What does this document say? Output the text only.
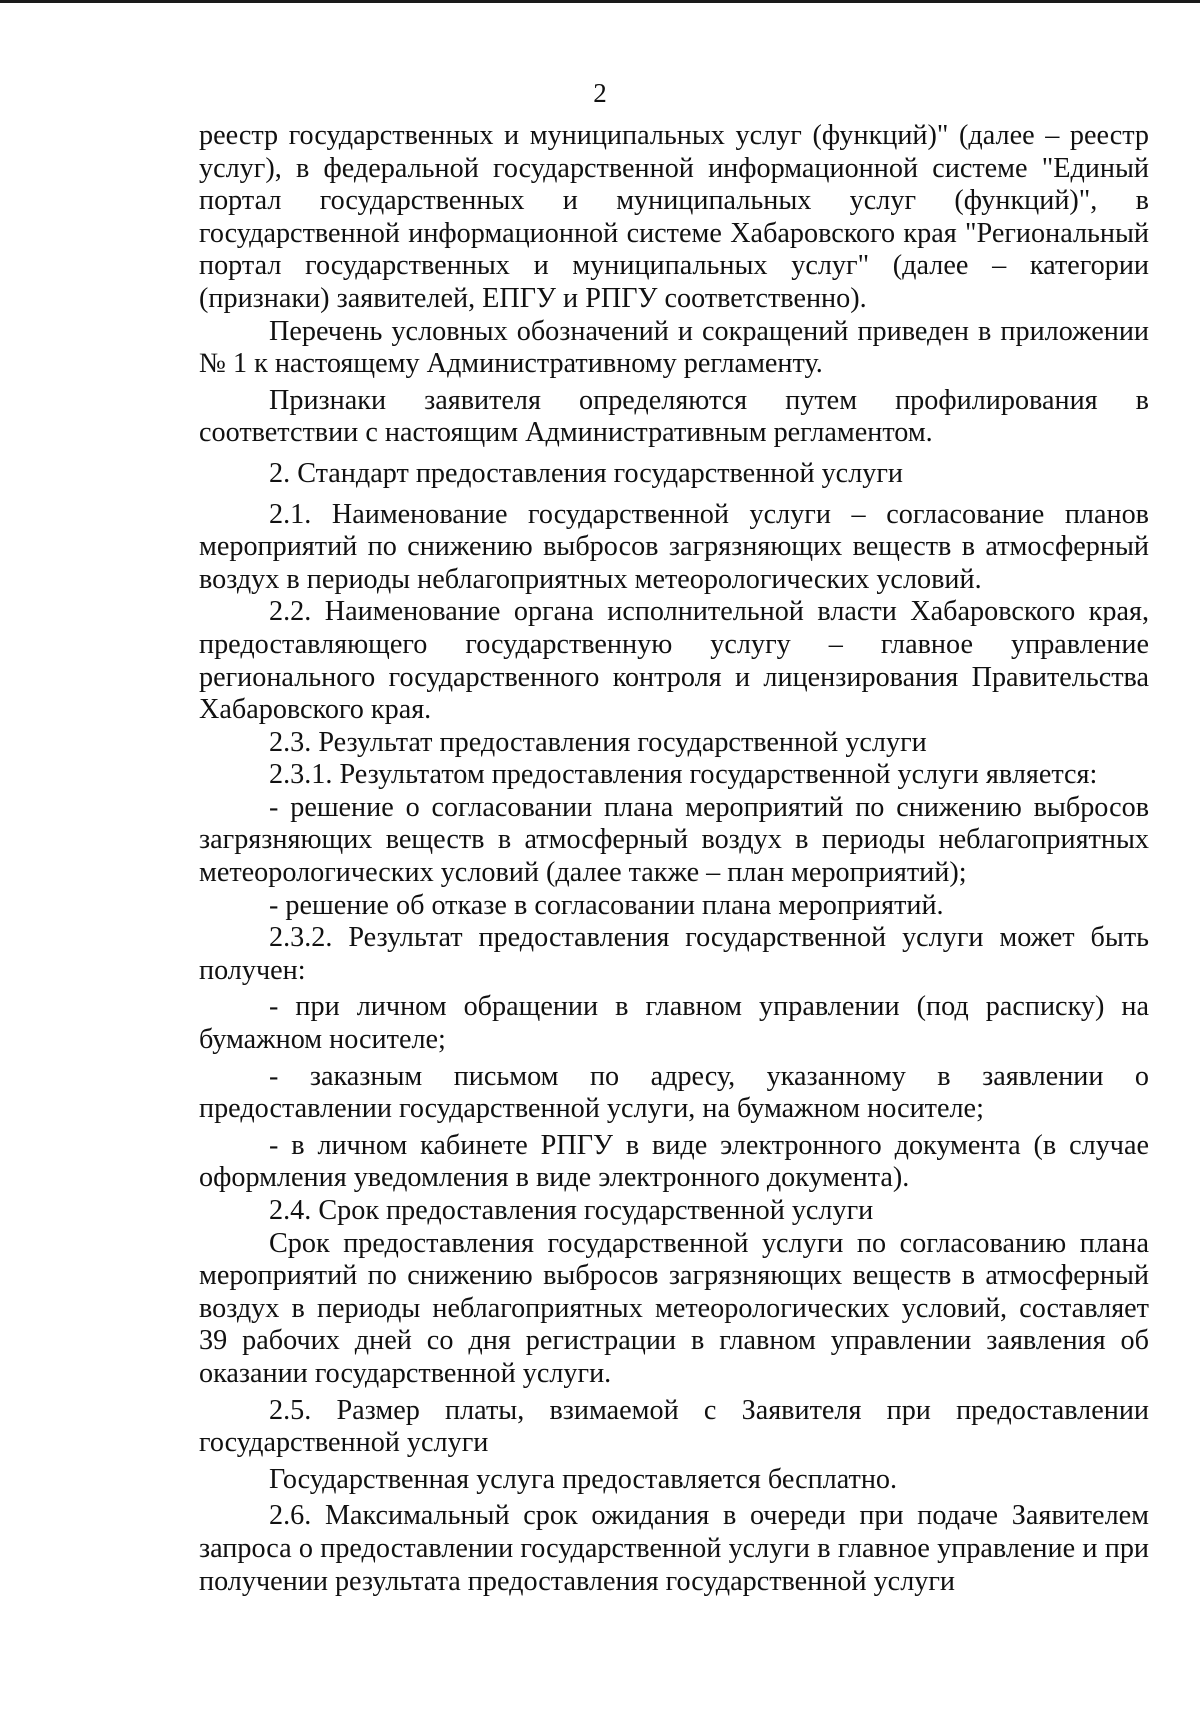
2

реестр государственных и муниципальных услуг (функций)" (далее – реестр услуг), в федеральной государственной информационной системе "Единый портал государственных и муниципальных услуг (функций)", в государственной информационной системе Хабаровского края "Региональный портал государственных и муниципальных услуг" (далее – категории (признаки) заявителей, ЕПГУ и РПГУ соответственно).

Перечень условных обозначений и сокращений приведен в приложении № 1 к настоящему Административному регламенту.

Признаки заявителя определяются путем профилирования в соответствии с настоящим Административным регламентом.

2. Стандарт предоставления государственной услуги

2.1. Наименование государственной услуги – согласование планов мероприятий по снижению выбросов загрязняющих веществ в атмосферный воздух в периоды неблагоприятных метеорологических условий.

2.2. Наименование органа исполнительной власти Хабаровского края, предоставляющего государственную услугу – главное управление регионального государственного контроля и лицензирования Правительства Хабаровского края.

2.3. Результат предоставления государственной услуги

2.3.1. Результатом предоставления государственной услуги является:

- решение о согласовании плана мероприятий по снижению выбросов загрязняющих веществ в атмосферный воздух в периоды неблагоприятных метеорологических условий (далее также – план мероприятий);

- решение об отказе в согласовании плана мероприятий.

2.3.2. Результат предоставления государственной услуги может быть получен:

- при личном обращении в главном управлении (под расписку) на бумажном носителе;

- заказным письмом по адресу, указанному в заявлении о предоставлении государственной услуги, на бумажном носителе;

- в личном кабинете РПГУ в виде электронного документа (в случае оформления уведомления в виде электронного документа).

2.4. Срок предоставления государственной услуги

Срок предоставления государственной услуги по согласованию плана мероприятий по снижению выбросов загрязняющих веществ в атмосферный воздух в периоды неблагоприятных метеорологических условий, составляет 39 рабочих дней со дня регистрации в главном управлении заявления об оказании государственной услуги.

2.5. Размер платы, взимаемой с Заявителя при предоставлении государственной услуги

Государственная услуга предоставляется бесплатно.

2.6. Максимальный срок ожидания в очереди при подаче Заявителем запроса о предоставлении государственной услуги в главное управление и при получении результата предоставления государственной услуги
